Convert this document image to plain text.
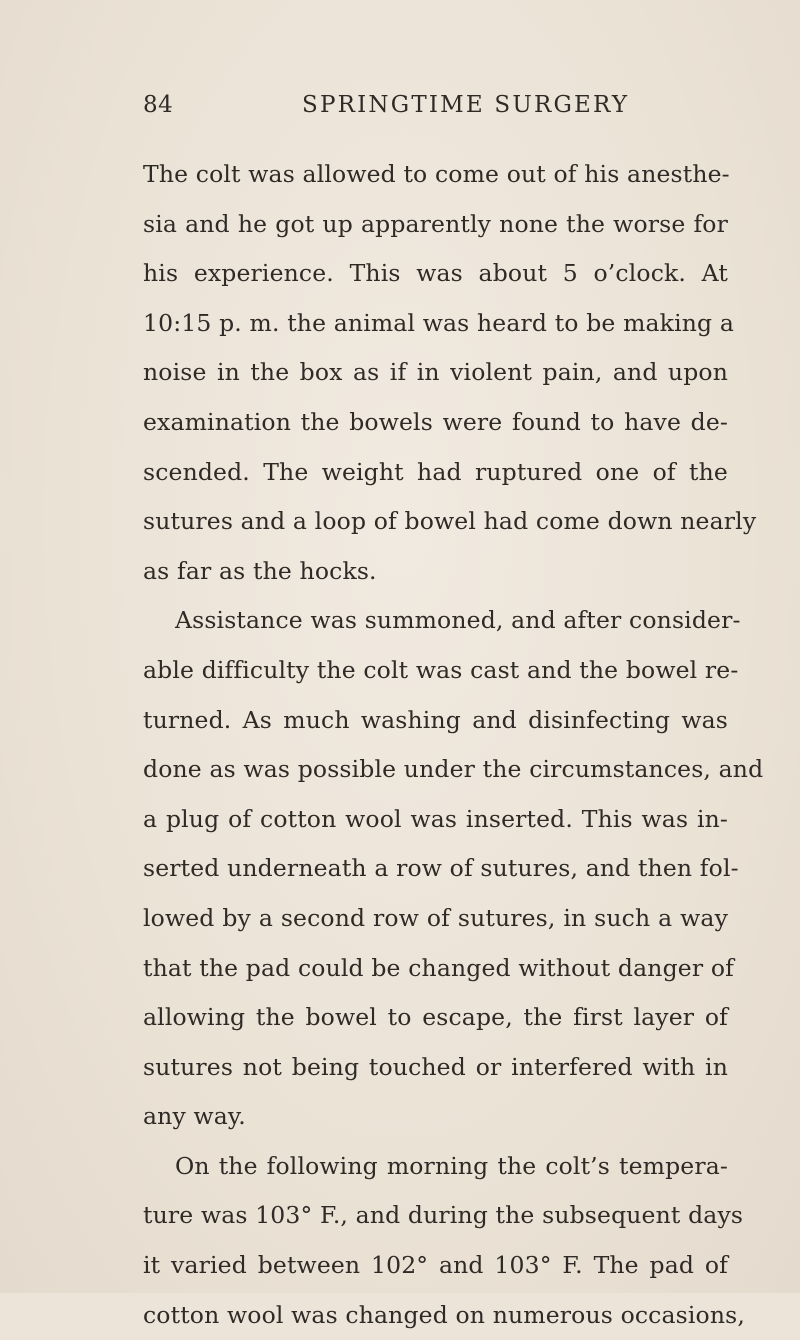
84	SPRINGTIME SURGERY
The colt was allowed to come out of his anesthe-
sia and he got up apparently none the worse for
his experience. This was about 5 o’clock. At
10:15 p. m. the animal was heard to be making a
noise in the box as if in violent pain, and upon
examination the bowels were found to have de-
scended. The weight had ruptured one of the
sutures and a loop of bowel had come down nearly
as far as the hocks.
Assistance was summoned, and after consider-
able difficulty the colt was cast and the bowel re-
turned. As much washing and disinfecting was
done as was possible under the circumstances, and
a plug of cotton wool was inserted. This was in-
serted underneath a row of sutures, and then fol-
lowed by a second row of sutures, in such a way
that the pad could be changed without danger of
allowing the bowel to escape, the first layer of
sutures not being touched or interfered with in
any way.
On the following morning the colt’s tempera-
ture was 103° F., and during the subsequent days
it varied between 102° and 103° F. The pad of
cotton wool was changed on numerous occasions,
